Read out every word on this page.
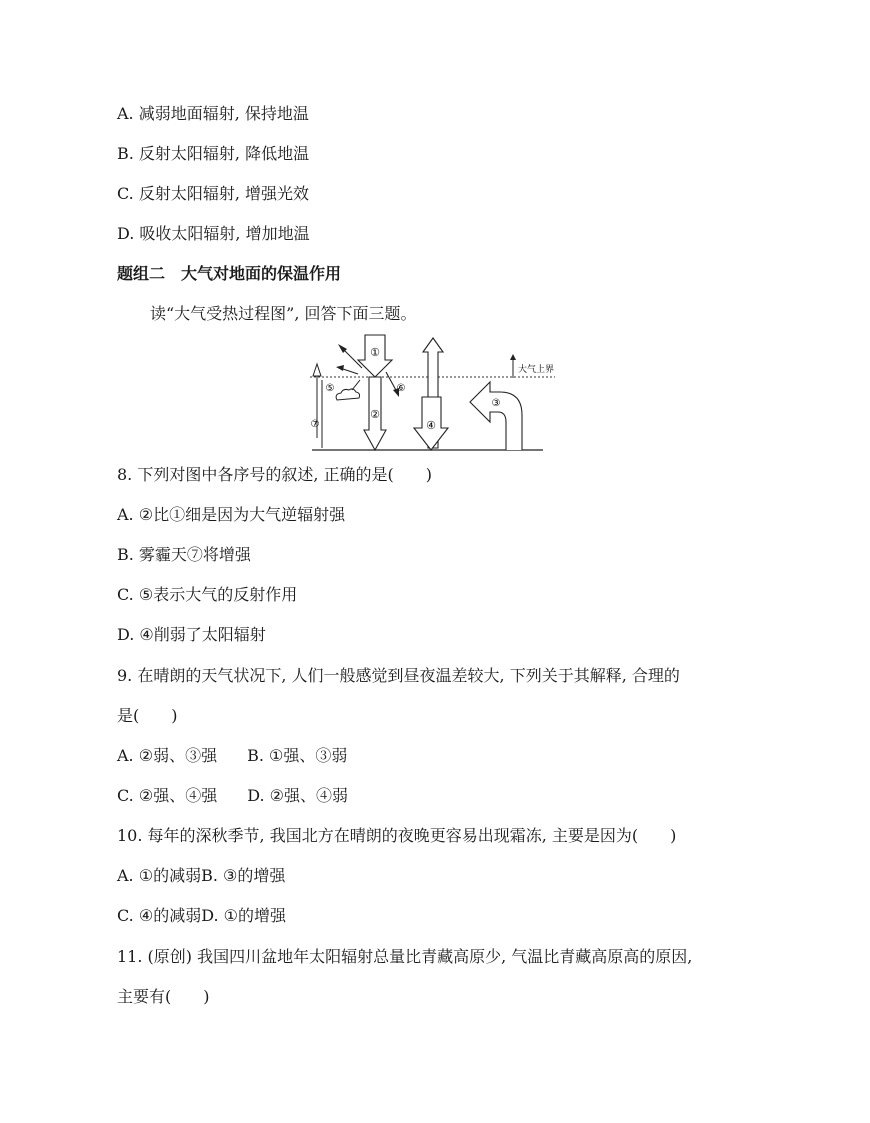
A. 减弱地面辐射, 保持地温
B. 反射太阳辐射, 降低地温
C. 反射太阳辐射, 增强光效
D. 吸收太阳辐射, 增加地温
题组二　大气对地面的保温作用
读“大气受热过程图”, 回答下面三题。
①
②
⑤	⑥
⑦	④
③
大气上界
8. 下列对图中各序号的叙述, 正确的是(　　)
A. ②比①细是因为大气逆辐射强
B. 雾霾天⑦将增强
C. ⑤表示大气的反射作用
D. ④削弱了太阳辐射
9. 在晴朗的天气状况下, 人们一般感觉到昼夜温差较大, 下列关于其解释, 合理的
是(　　)
A. ②弱、③强 B. ①强、③弱
C. ②强、④强 D. ②强、④弱
10. 每年的深秋季节, 我国北方在晴朗的夜晚更容易出现霜冻, 主要是因为(　　)
A. ①的减弱B. ③的增强
C. ④的减弱D. ①的增强
11. (原创) 我国四川盆地年太阳辐射总量比青藏高原少, 气温比青藏高原高的原因,
主要有(　　)
